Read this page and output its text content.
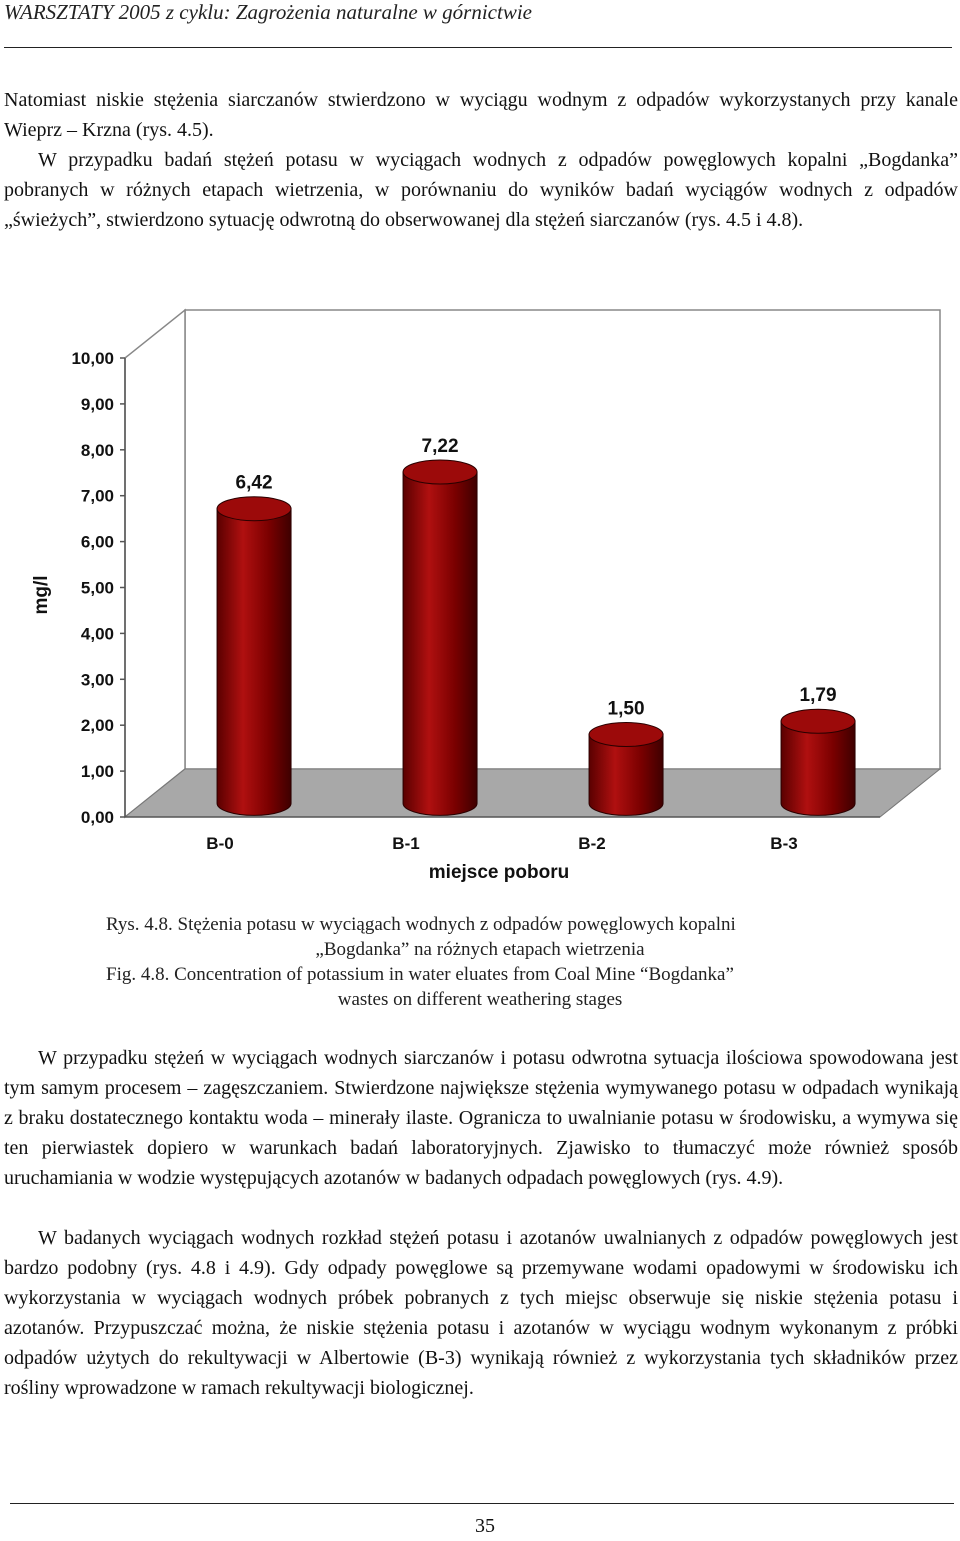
WARSZTATY 2005 z cyklu: Zagrożenia naturalne w górnictwie

Natomiast niskie stężenia siarczanów stwierdzono w wyciągu wodnym z odpadów wykorzystanych przy kanale Wieprz – Krzna (rys. 4.5).
W przypadku badań stężeń potasu w wyciągach wodnych z odpadów powęglowych kopalni „Bogdanka” pobranych w różnych etapach wietrzenia, w porównaniu do wyników badań wyciągów wodnych z odpadów „świeżych”, stwierdzono sytuację odwrotną do obserwowanej dla stężeń siarczanów (rys. 4.5 i 4.8).

0,00
1,00
2,00
3,00
4,00
5,00
6,00
7,00
8,00
9,00
10,00
6,42
7,22
1,50
1,79
B-0	B-1	B-2	B-3
mg/l
miejsce poboru
Rys. 4.8. Stężenia potasu w wyciągach wodnych z odpadów powęglowych kopalni
„Bogdanka” na różnych etapach wietrzenia
Fig. 4.8. Concentration of potassium in water eluates from Coal Mine “Bogdanka”
wastes on different weathering stages

W przypadku stężeń w wyciągach wodnych siarczanów i potasu odwrotna sytuacja ilościowa spowodowana jest tym samym procesem – zagęszczaniem. Stwierdzone największe stężenia wymywanego potasu w odpadach wynikają z braku dostatecznego kontaktu woda – minerały ilaste. Ogranicza to uwalnianie potasu w środowisku, a wymywa się ten pierwiastek dopiero w warunkach badań laboratoryjnych. Zjawisko to tłumaczyć może również sposób uruchamiania w wodzie występujących azotanów w badanych odpadach powęglowych (rys. 4.9).

W badanych wyciągach wodnych rozkład stężeń potasu i azotanów uwalnianych z odpadów powęglowych jest bardzo podobny (rys. 4.8 i 4.9). Gdy odpady powęglowe są przemywane wodami opadowymi w środowisku ich wykorzystania w wyciągach wodnych próbek pobranych z tych miejsc obserwuje się niskie stężenia potasu i azotanów. Przypuszczać można, że niskie stężenia potasu i azotanów w wyciągu wodnym wykonanym z próbki odpadów użytych do rekultywacji w Albertowie (B-3) wynikają również z wykorzystania tych składników przez rośliny wprowadzone w ramach rekultywacji biologicznej.

35
